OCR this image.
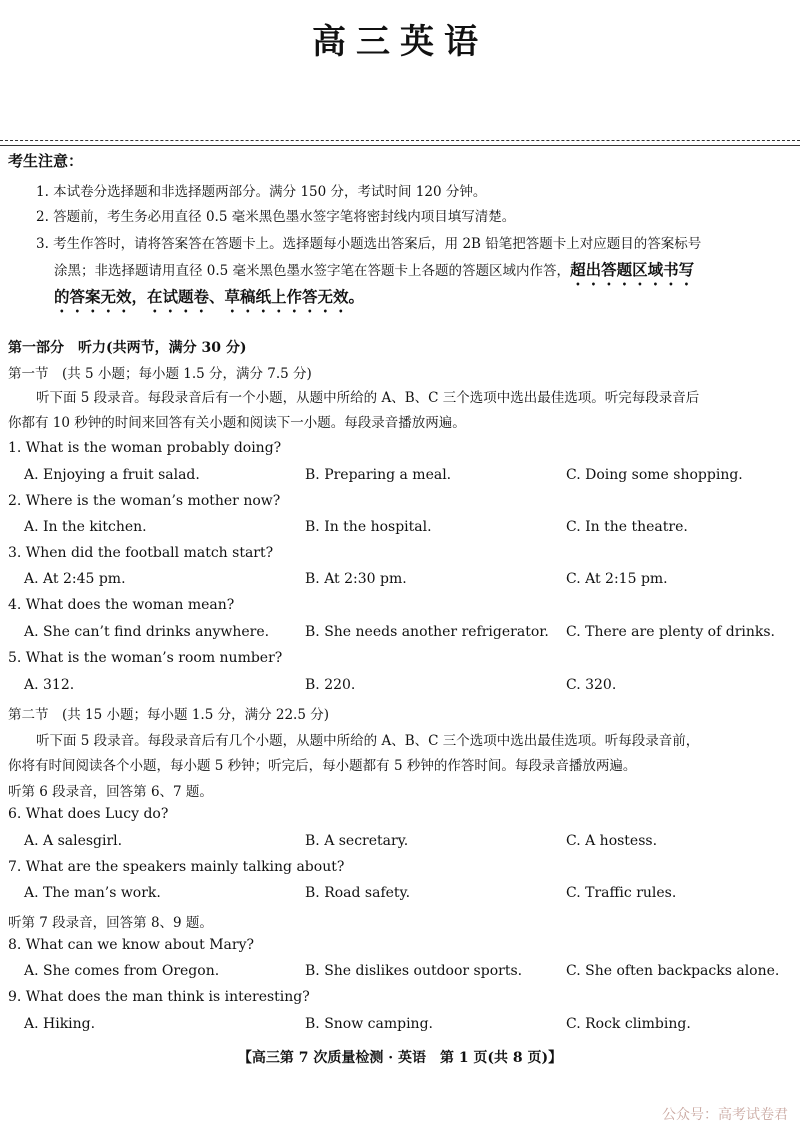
高三英语
考生注意：
1. 本试卷分选择题和非选择题两部分。满分 150 分，考试时间 120 分钟。
2. 答题前，考生务必用直径 0.5 毫米黑色墨水签字笔将密封线内项目填写清楚。
3. 考生作答时，请将答案答在答题卡上。选择题每小题选出答案后，用 2B 铅笔把答题卡上对应题目的答案标号
涂黑；非选择题请用直径 0.5 毫米黑色墨水签字笔在答题卡上各题的答题区域内作答，超出答题区域书写
的答案无效，在试题卷、草稿纸上作答无效。
第一部分　听力(共两节，满分 30 分)
第一节　(共 5 小题；每小题 1.5 分，满分 7.5 分)
听下面 5 段录音。每段录音后有一个小题，从题中所给的 A、B、C 三个选项中选出最佳选项。听完每段录音后
你都有 10 秒钟的时间来回答有关小题和阅读下一小题。每段录音播放两遍。
1. What is the woman probably doing?
A. Enjoying a fruit salad.	B. Preparing a meal.	C. Doing some shopping.
2. Where is the woman’s mother now?
A. In the kitchen.	B. In the hospital.	C. In the theatre.
3. When did the football match start?
A. At 2:45 pm.	B. At 2:30 pm.	C. At 2:15 pm.
4. What does the woman mean?
A. She can’t find drinks anywhere.	B. She needs another refrigerator. C. There are plenty of drinks.
5. What is the woman’s room number?
A. 312.	B. 220.	C. 320.
第二节　(共 15 小题；每小题 1.5 分，满分 22.5 分)
听下面 5 段录音。每段录音后有几个小题，从题中所给的 A、B、C 三个选项中选出最佳选项。听每段录音前，
你将有时间阅读各个小题，每小题 5 秒钟；听完后，每小题都有 5 秒钟的作答时间。每段录音播放两遍。
听第 6 段录音，回答第 6、7 题。
6. What does Lucy do?
A. A salesgirl.	B. A secretary.	C. A hostess.
7. What are the speakers mainly talking about?
A. The man’s work.	B. Road safety.	C. Traffic rules.
听第 7 段录音，回答第 8、9 题。
8. What can we know about Mary?
A. She comes from Oregon.	B. She dislikes outdoor sports.	C. She often backpacks alone.
9. What does the man think is interesting?
A. Hiking.	B. Snow camping.	C. Rock climbing.
【高三第 7 次质量检测 · 英语　第 1 页(共 8 页)】
公众号：高考试卷君
